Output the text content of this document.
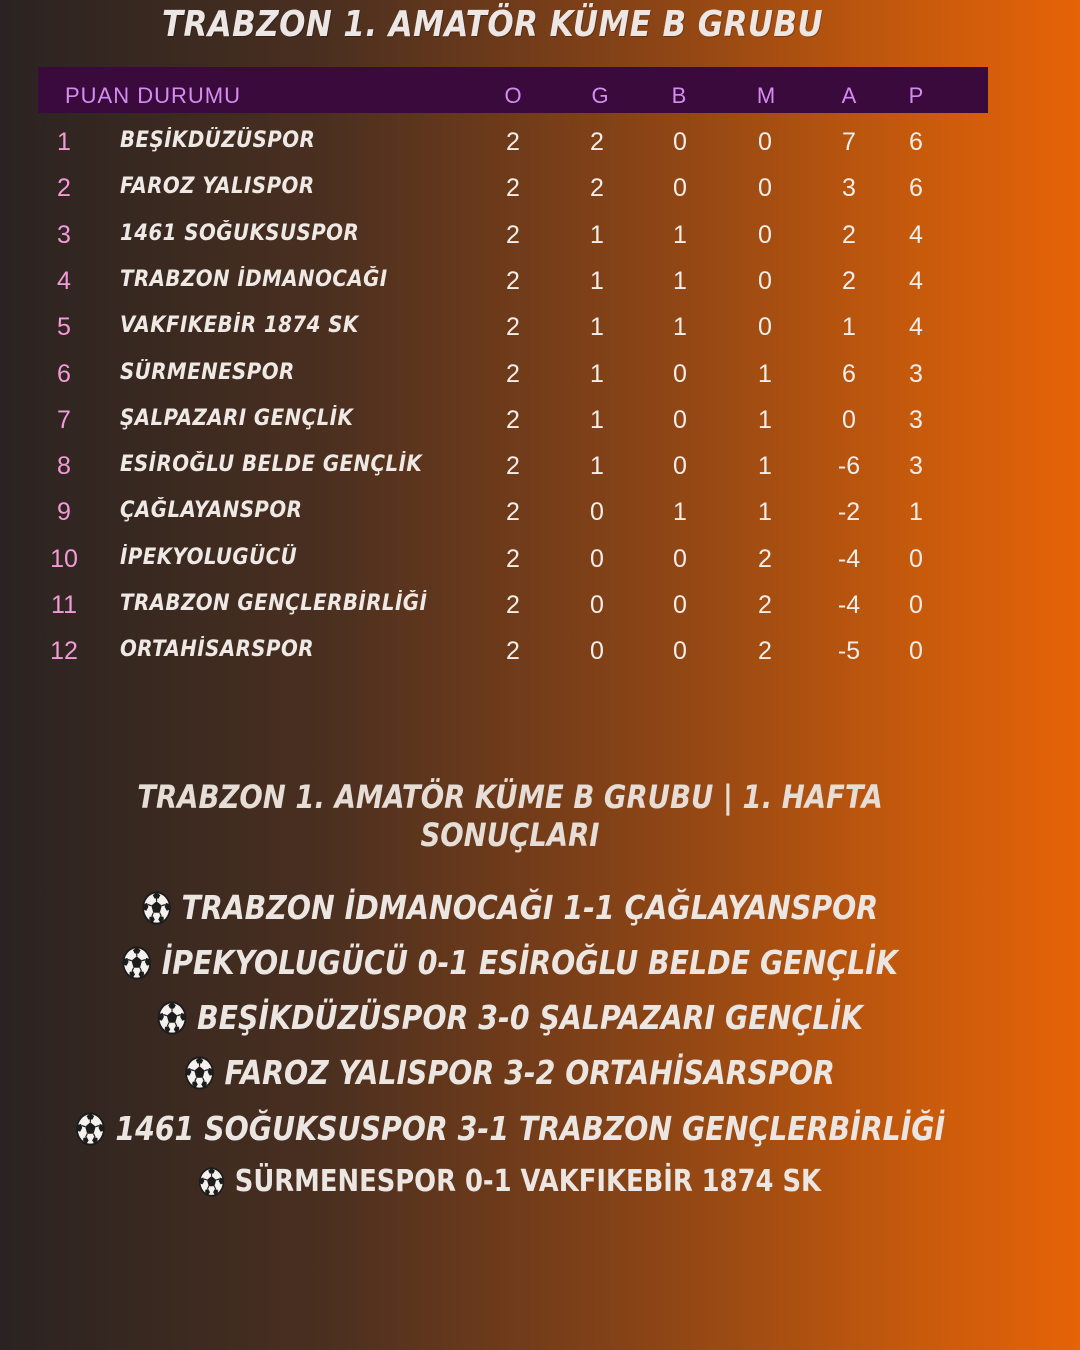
TRABZON 1. AMATÖR KÜME B GRUBU
PUAN DURUMU	O	G	B	M	A	P
1	BEŞİKDÜZÜSPOR	2	2	0	0	7	6
2	FAROZ YALISPOR	2	2	0	0	3	6
3	1461 SOĞUKSUSPOR	2	1	1	0	2	4
4	TRABZON İDMANOCAĞI	2	1	1	0	2	4
5	VAKFIKEBİR 1874 SK	2	1	1	0	1	4
6	SÜRMENESPOR	2	1	0	1	6	3
7	ŞALPAZARI GENÇLİK	2	1	0	1	0	3
8	ESİROĞLU BELDE GENÇLİK	2	1	0	1	-6	3
9	ÇAĞLAYANSPOR	2	0	1	1	-2	1
10 İPEKYOLUGÜCÜ	2	0	0	2	-4	0
11 TRABZON GENÇLERBİRLİĞİ	2	0	0	2	-4	0
12 ORTAHİSARSPOR	2	0	0	2	-5	0
TRABZON 1. AMATÖR KÜME B GRUBU | 1. HAFTA SONUÇLARI
TRABZON İDMANOCAĞI 1-1 ÇAĞLAYANSPOR
İPEKYOLUGÜCÜ 0-1 ESİROĞLU BELDE GENÇLİK
BEŞİKDÜZÜSPOR 3-0 ŞALPAZARI GENÇLİK
FAROZ YALISPOR 3-2 ORTAHİSARSPOR
1461 SOĞUKSUSPOR 3-1 TRABZON GENÇLERBİRLİĞİ
SÜRMENESPOR 0-1 VAKFIKEBİR 1874 SK
